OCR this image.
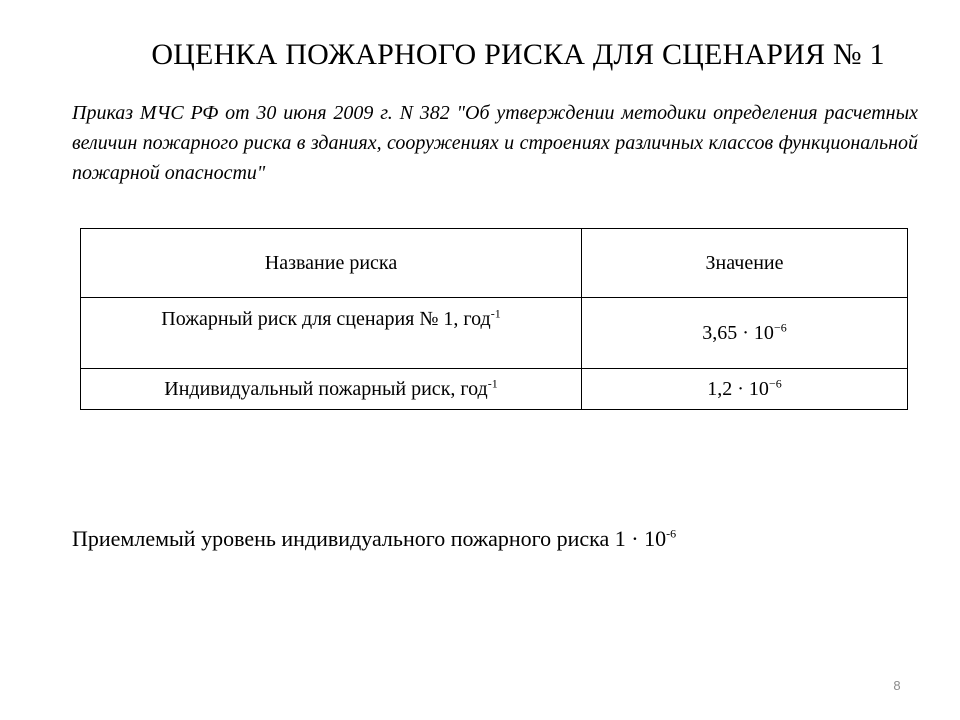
ОЦЕНКА ПОЖАРНОГО РИСКА ДЛЯ СЦЕНАРИЯ № 1
Приказ МЧС РФ от 30 июня 2009 г. N 382 "Об утверждении методики определения расчетных величин пожарного риска в зданиях, сооружениях и строениях различных классов функциональной пожарной опасности"
Название риска	Значение
Пожарный риск для сценария № 1, год$^{-1}$	$3,65 \cdot 10^{-6}$
Индивидуальный пожарный риск, год$^{-1}$	$1,2 \cdot 10^{-6}$
Приемлемый уровень индивидуального пожарного риска $1 \cdot 10^{-6}$
8
